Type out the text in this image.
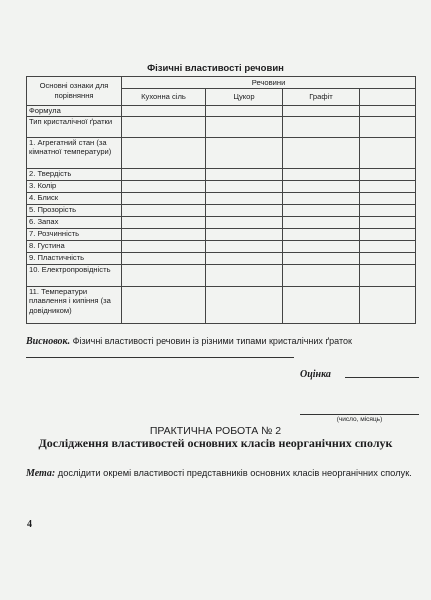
Фізичні властивості речовин
Основні ознаки для порівняння	Речовини			
	Кухонна сіль	Цукор	Графіт	
Формула				
Тип кристалічної ґратки				
1. Агрегатний стан (за кімнатної температури)				
2. Твердість				
3. Колір				
4. Блиск				
5. Прозорість				
6. Запах				
7. Розчинність				
8. Густина				
9. Пластичність				
10. Електропровідність				
11. Температури плавлення і кипіння (за довідником)				
Висновок. Фізичні властивості речовин із різними типами кристалічних ґраток
Оцінка
(число, місяць)
ПРАКТИЧНА РОБОТА № 2
Дослідження властивостей основних класів неорганічних сполук
Мета: дослідити окремі властивості представників основних класів неорганічних сполук.
4
